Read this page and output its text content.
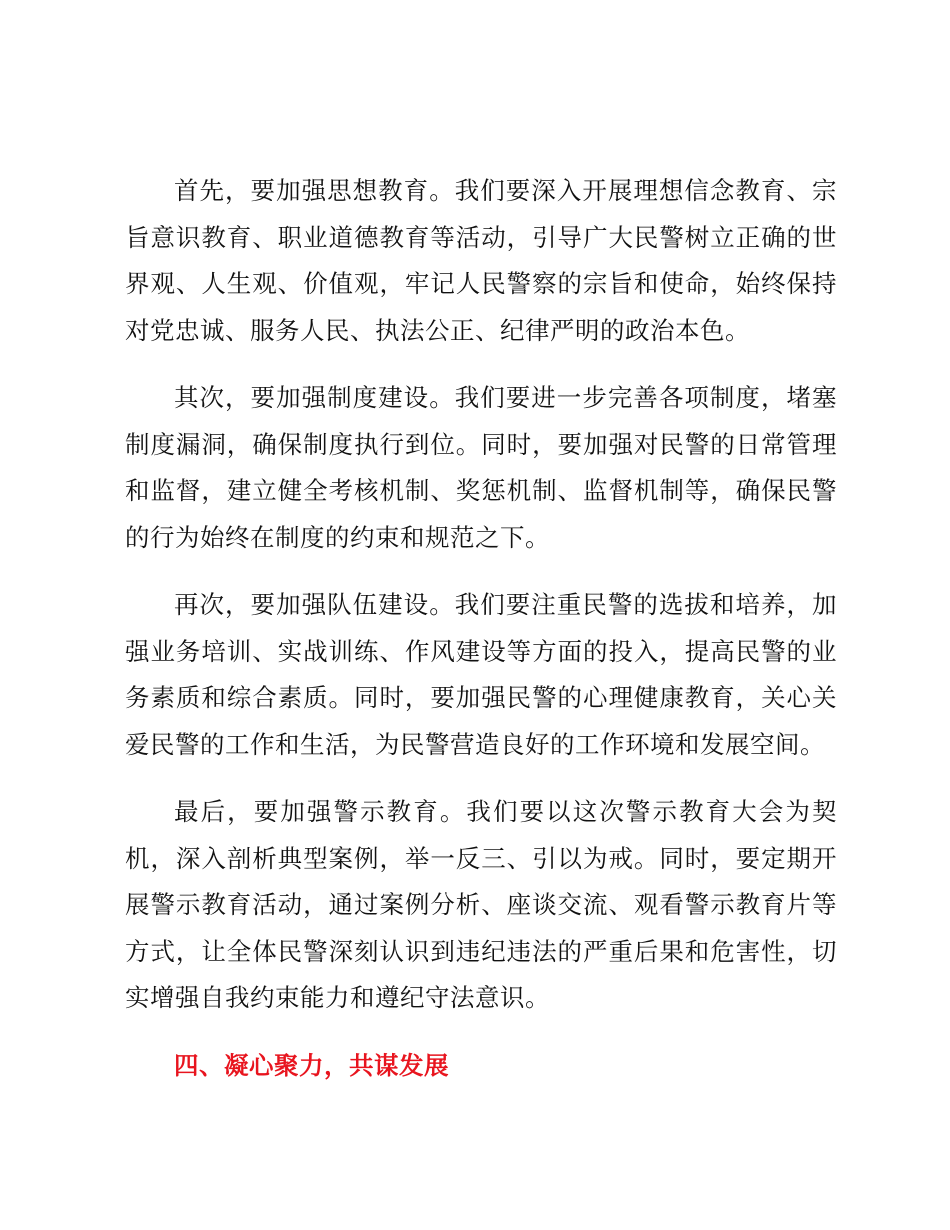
首先，要加强思想教育。我们要深入开展理想信念教育、宗旨意识教育、职业道德教育等活动，引导广大民警树立正确的世界观、人生观、价值观，牢记人民警察的宗旨和使命，始终保持对党忠诚、服务人民、执法公正、纪律严明的政治本色。

其次，要加强制度建设。我们要进一步完善各项制度，堵塞制度漏洞，确保制度执行到位。同时，要加强对民警的日常管理和监督，建立健全考核机制、奖惩机制、监督机制等，确保民警的行为始终在制度的约束和规范之下。

再次，要加强队伍建设。我们要注重民警的选拔和培养，加强业务培训、实战训练、作风建设等方面的投入，提高民警的业务素质和综合素质。同时，要加强民警的心理健康教育，关心关爱民警的工作和生活，为民警营造良好的工作环境和发展空间。

最后，要加强警示教育。我们要以这次警示教育大会为契机，深入剖析典型案例，举一反三、引以为戒。同时，要定期开展警示教育活动，通过案例分析、座谈交流、观看警示教育片等方式，让全体民警深刻认识到违纪违法的严重后果和危害性，切实增强自我约束能力和遵纪守法意识。

四、凝心聚力，共谋发展
